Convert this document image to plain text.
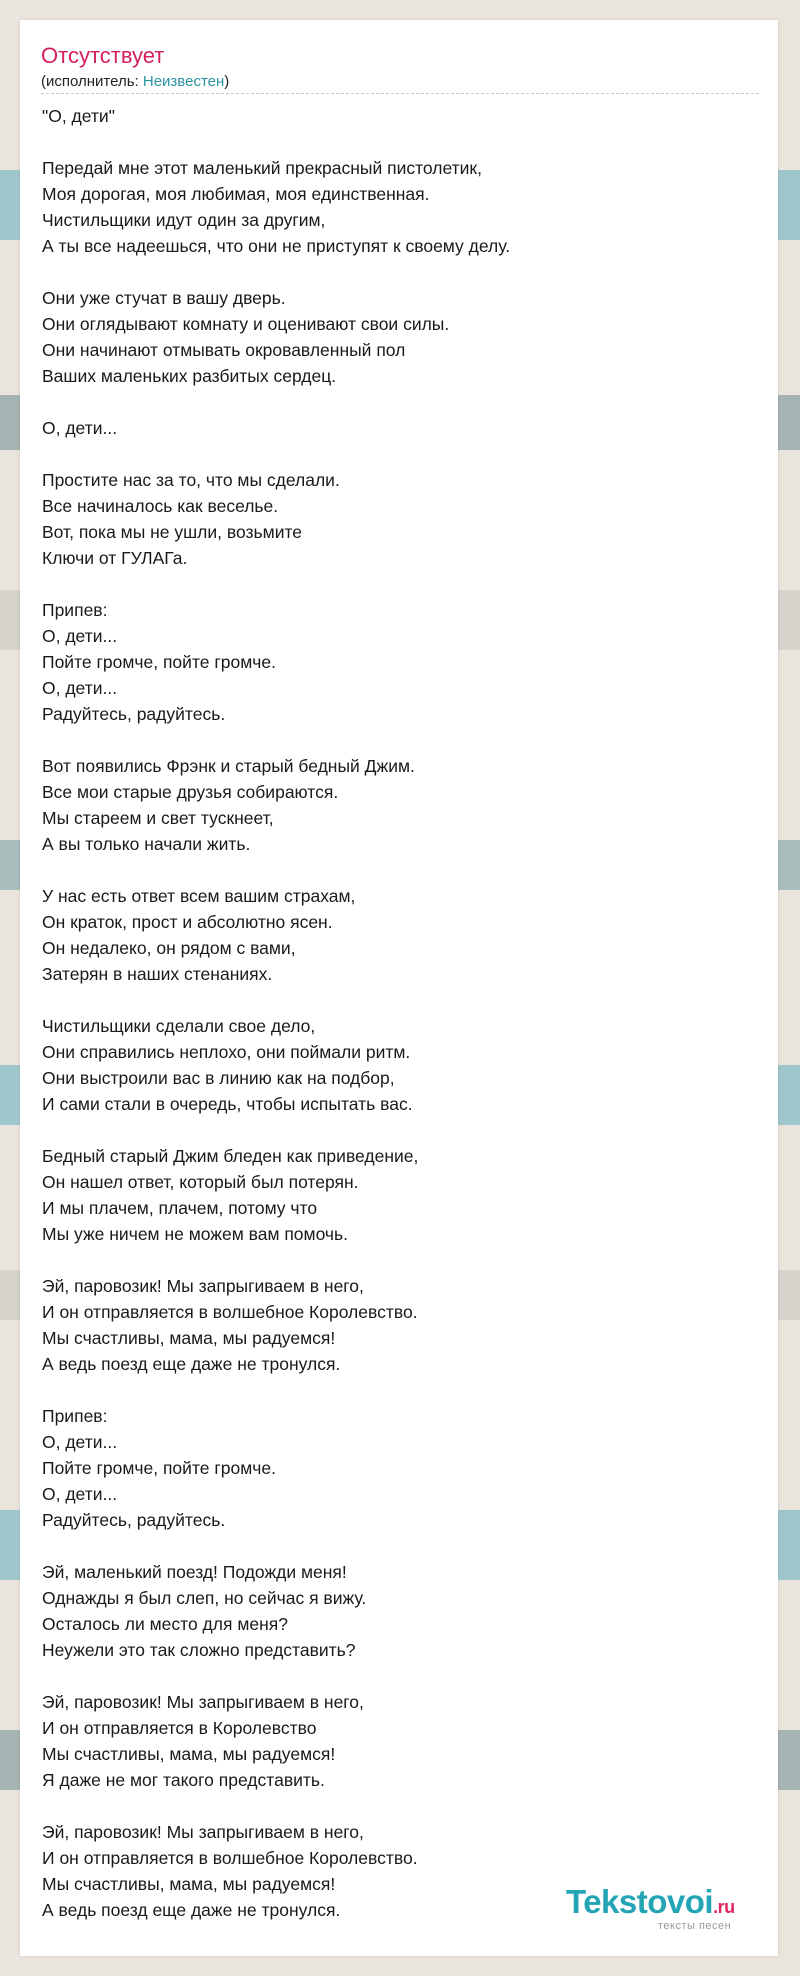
Отсутствует
(исполнитель: Неизвестен)
"О, дети"

Передай мне этот маленький прекрасный пистолетик,
Моя дорогая, моя любимая, моя единственная.
Чистильщики идут один за другим,
А ты все надеешься, что они не приступят к своему делу.

Они уже стучат в вашу дверь.
Они оглядывают комнату и оценивают свои силы.
Они начинают отмывать окровавленный пол
Ваших маленьких разбитых сердец.

О, дети...

Простите нас за то, что мы сделали.
Все начиналось как веселье.
Вот, пока мы не ушли, возьмите
Ключи от ГУЛАГа.

Припев:
О, дети...
Пойте громче, пойте громче.
О, дети...
Радуйтесь, радуйтесь.

Вот появились Фрэнк и старый бедный Джим.
Все мои старые друзья собираются.
Мы стареем и свет тускнеет,
А вы только начали жить.

У нас есть ответ всем вашим страхам,
Он краток, прост и абсолютно ясен.
Он недалеко, он рядом с вами,
Затерян в наших стенаниях.

Чистильщики сделали свое дело,
Они справились неплохо, они поймали ритм.
Они выстроили вас в линию как на подбор,
И сами стали в очередь, чтобы испытать вас.

Бедный старый Джим бледен как приведение,
Он нашел ответ, который был потерян.
И мы плачем, плачем, потому что
Мы уже ничем не можем вам помочь.

Эй, паровозик! Мы запрыгиваем в него,
И он отправляется в волшебное Королевство.
Мы счастливы, мама, мы радуемся!
А ведь поезд еще даже не тронулся.

Припев:
О, дети...
Пойте громче, пойте громче.
О, дети...
Радуйтесь, радуйтесь.

Эй, маленький поезд! Подожди меня!
Однажды я был слеп, но сейчас я вижу.
Осталось ли место для меня?
Неужели это так сложно представить?

Эй, паровозик! Мы запрыгиваем в него,
И он отправляется в Королевство
Мы счастливы, мама, мы радуемся!
Я даже не мог такого представить.

Эй, паровозик! Мы запрыгиваем в него,
И он отправляется в волшебное Королевство.
Мы счастливы, мама, мы радуемся!
А ведь поезд еще даже не тронулся.	Tekstovoi.ru
тексты песен
